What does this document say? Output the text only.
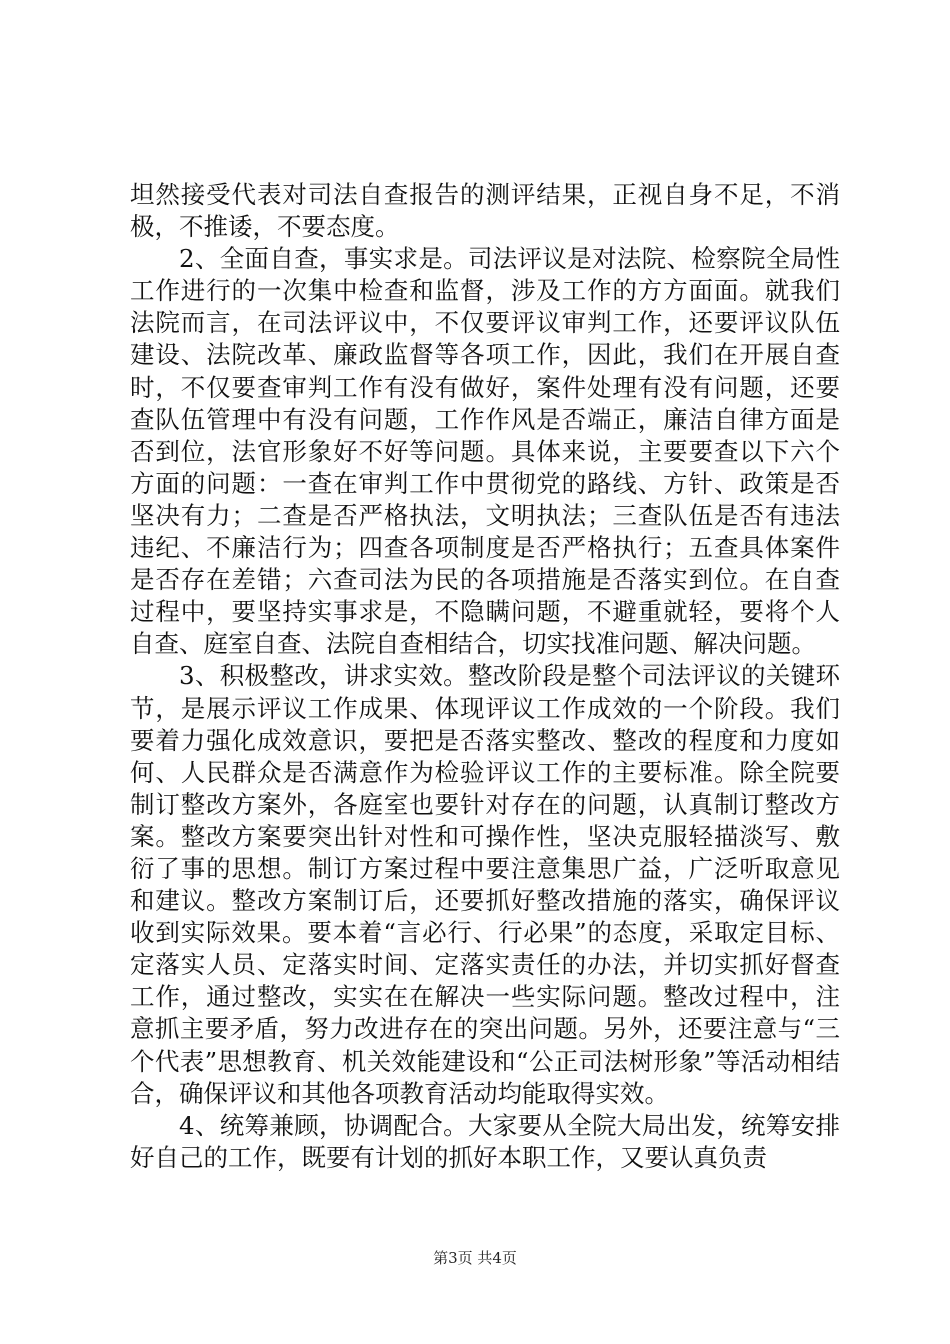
坦然接受代表对司法自查报告的测评结果，正视自身不足，不消极，不推诿，不要态度。

2、全面自查，事实求是。司法评议是对法院、检察院全局性工作进行的一次集中检查和监督，涉及工作的方方面面。就我们法院而言，在司法评议中，不仅要评议审判工作，还要评议队伍建设、法院改革、廉政监督等各项工作，因此，我们在开展自查时，不仅要查审判工作有没有做好，案件处理有没有问题，还要查队伍管理中有没有问题，工作作风是否端正，廉洁自律方面是否到位，法官形象好不好等问题。具体来说，主要要查以下六个方面的问题：一查在审判工作中贯彻党的路线、方针、政策是否坚决有力；二查是否严格执法，文明执法；三查队伍是否有违法违纪、不廉洁行为；四查各项制度是否严格执行；五查具体案件是否存在差错；六查司法为民的各项措施是否落实到位。在自查过程中，要坚持实事求是，不隐瞒问题，不避重就轻，要将个人自查、庭室自查、法院自查相结合，切实找准问题、解决问题。

3、积极整改，讲求实效。整改阶段是整个司法评议的关键环节，是展示评议工作成果、体现评议工作成效的一个阶段。我们要着力强化成效意识，要把是否落实整改、整改的程度和力度如何、人民群众是否满意作为检验评议工作的主要标准。除全院要制订整改方案外，各庭室也要针对存在的问题，认真制订整改方案。整改方案要突出针对性和可操作性，坚决克服轻描淡写、敷衍了事的思想。制订方案过程中要注意集思广益，广泛听取意见和建议。整改方案制订后，还要抓好整改措施的落实，确保评议收到实际效果。要本着“言必行、行必果”的态度，采取定目标、定落实人员、定落实时间、定落实责任的办法，并切实抓好督查工作，通过整改，实实在在解决一些实际问题。整改过程中，注意抓主要矛盾，努力改进存在的突出问题。另外，还要注意与“三个代表”思想教育、机关效能建设和“公正司法树形象”等活动相结合，确保评议和其他各项教育活动均能取得实效。

4、统筹兼顾，协调配合。大家要从全院大局出发，统筹安排好自己的工作，既要有计划的抓好本职工作，又要认真负责

第3页 共4页
